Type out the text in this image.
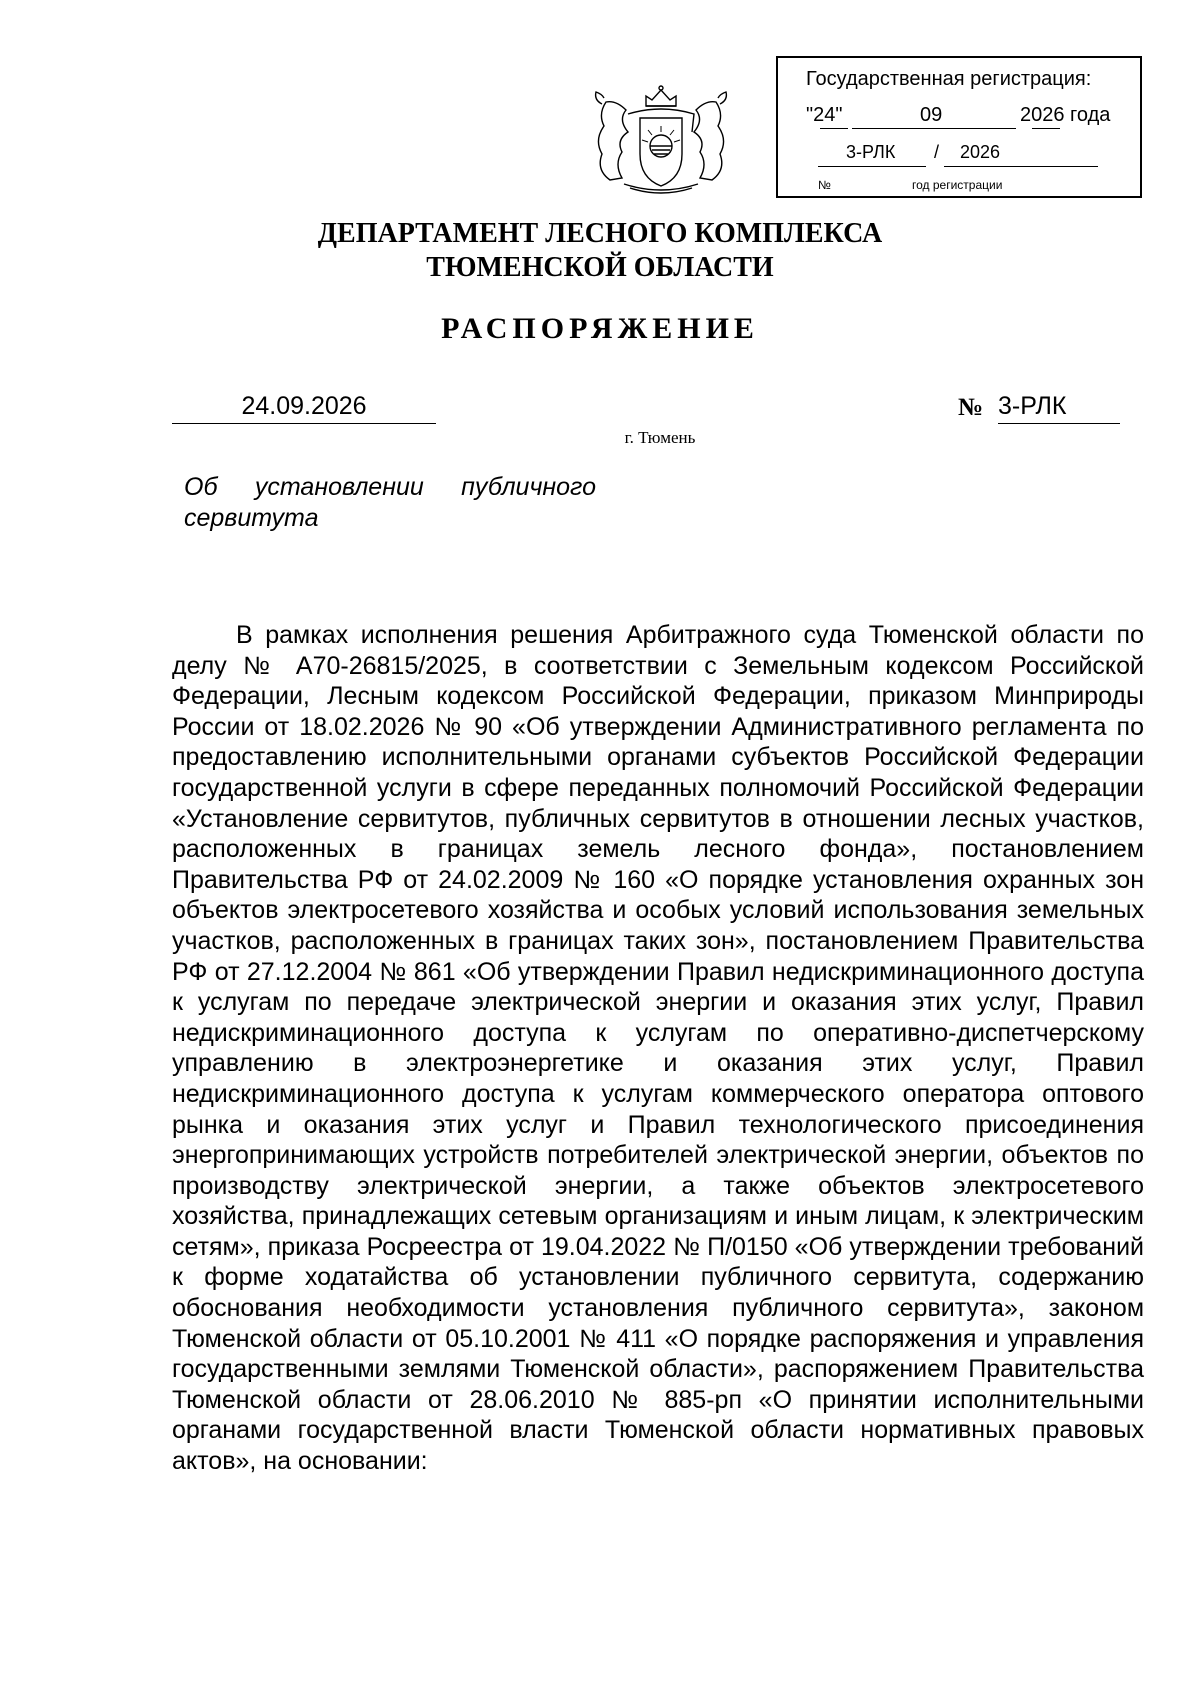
Государственная регистрация:
"24"	09	2026 года
3-РЛК / 2026
№	год регистрации
ДЕПАРТАМЕНТ ЛЕСНОГО КОМПЛЕКСА
ТЮМЕНСКОЙ ОБЛАСТИ
РАСПОРЯЖЕНИЕ
24.09.2026	№ 3-РЛК
г. Тюмень
Об установлении публичного
сервитута

В рамках исполнения решения Арбитражного суда Тюменской области по делу № А70-26815/2025, в соответствии с Земельным кодексом Российской Федерации, Лесным кодексом Российской Федерации, приказом Минприроды России от 18.02.2026 № 90 «Об утверждении Административного регламента по предоставлению исполнительными органами субъектов Российской Федерации государственной услуги в сфере переданных полномочий Российской Федерации «Установление сервитутов, публичных сервитутов в отношении лесных участков, расположенных в границах земель лесного фонда», постановлением Правительства РФ от 24.02.2009 № 160 «О порядке установления охранных зон объектов электросетевого хозяйства и особых условий использования земельных участков, расположенных в границах таких зон», постановлением Правительства РФ от 27.12.2004 № 861 «Об утверждении Правил недискриминационного доступа к услугам по передаче электрической энергии и оказания этих услуг, Правил недискриминационного доступа к услугам по оперативно-диспетчерскому управлению в электроэнергетике и оказания этих услуг, Правил недискриминационного доступа к услугам коммерческого оператора оптового рынка и оказания этих услуг и Правил технологического присоединения энергопринимающих устройств потребителей электрической энергии, объектов по производству электрической энергии, а также объектов электросетевого хозяйства, принадлежащих сетевым организациям и иным лицам, к электрическим сетям», приказа Росреестра от 19.04.2022 № П/0150 «Об утверждении требований к форме ходатайства об установлении публичного сервитута, содержанию обоснования необходимости установления публичного сервитута», законом Тюменской области от 05.10.2001 № 411 «О порядке распоряжения и управления государственными землями Тюменской области», распоряжением Правительства Тюменской области от 28.06.2010 № 885-рп «О принятии исполнительными органами государственной власти Тюменской области нормативных правовых актов», на основании:
